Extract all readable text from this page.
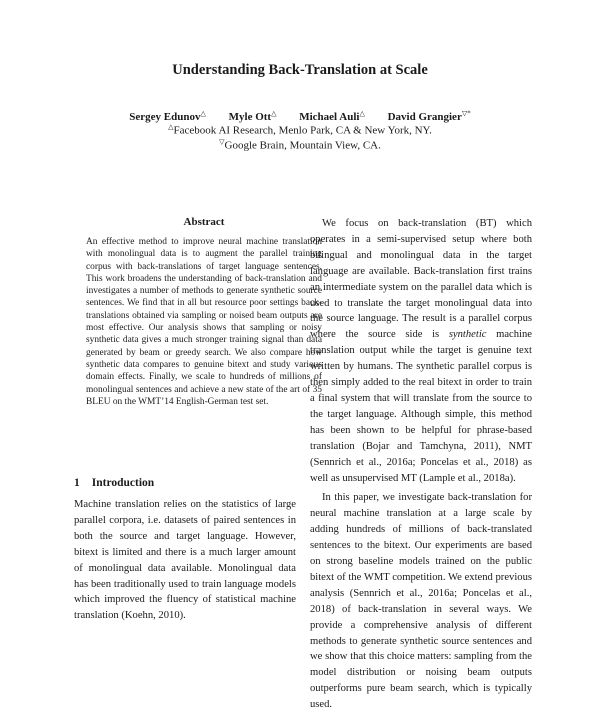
Understanding Back-Translation at Scale
Sergey Edunov△ Myle Ott△ Michael Auli△ David Grangier▽*
△Facebook AI Research, Menlo Park, CA & New York, NY.
▽Google Brain, Mountain View, CA.
Abstract
An effective method to improve neural machine translation with monolingual data is to augment the parallel training corpus with back-translations of target language sentences. This work broadens the understanding of back-translation and investigates a number of methods to generate synthetic source sentences. We find that in all but resource poor settings back-translations obtained via sampling or noised beam outputs are most effective. Our analysis shows that sampling or noisy synthetic data gives a much stronger training signal than data generated by beam or greedy search. We also compare how synthetic data compares to genuine bitext and study various domain effects. Finally, we scale to hundreds of millions of monolingual sentences and achieve a new state of the art of 35 BLEU on the WMT’14 English-German test set.
1 Introduction
Machine translation relies on the statistics of large parallel corpora, i.e. datasets of paired sentences in both the source and target language. However, bitext is limited and there is a much larger amount of monolingual data available. Monolingual data has been traditionally used to train language models which improved the fluency of statistical machine translation (Koehn, 2010).

We focus on back-translation (BT) which operates in a semi-supervised setup where both bilingual and monolingual data in the target language are available. Back-translation first trains an intermediate system on the parallel data which is used to translate the target monolingual data into the source language. The result is a parallel corpus where the source side is synthetic machine translation output while the target is genuine text written by humans. The synthetic parallel corpus is then simply added to the real bitext in order to train a final system that will translate from the source to the target language. Although simple, this method has been shown to be helpful for phrase-based translation (Bojar and Tamchyna, 2011), NMT (Sennrich et al., 2016a; Poncelas et al., 2018) as well as unsupervised MT (Lample et al., 2018a).

In this paper, we investigate back-translation for neural machine translation at a large scale by adding hundreds of millions of back-translated sentences to the bitext. Our experiments are based on strong baseline models trained on the public bitext of the WMT competition. We extend previous analysis (Sennrich et al., 2016a; Poncelas et al., 2018) of back-translation in several ways. We provide a comprehensive analysis of different methods to generate synthetic source sentences and we show that this choice matters: sampling from the model distribution or noising beam outputs outperforms pure beam search, which is typically used.
